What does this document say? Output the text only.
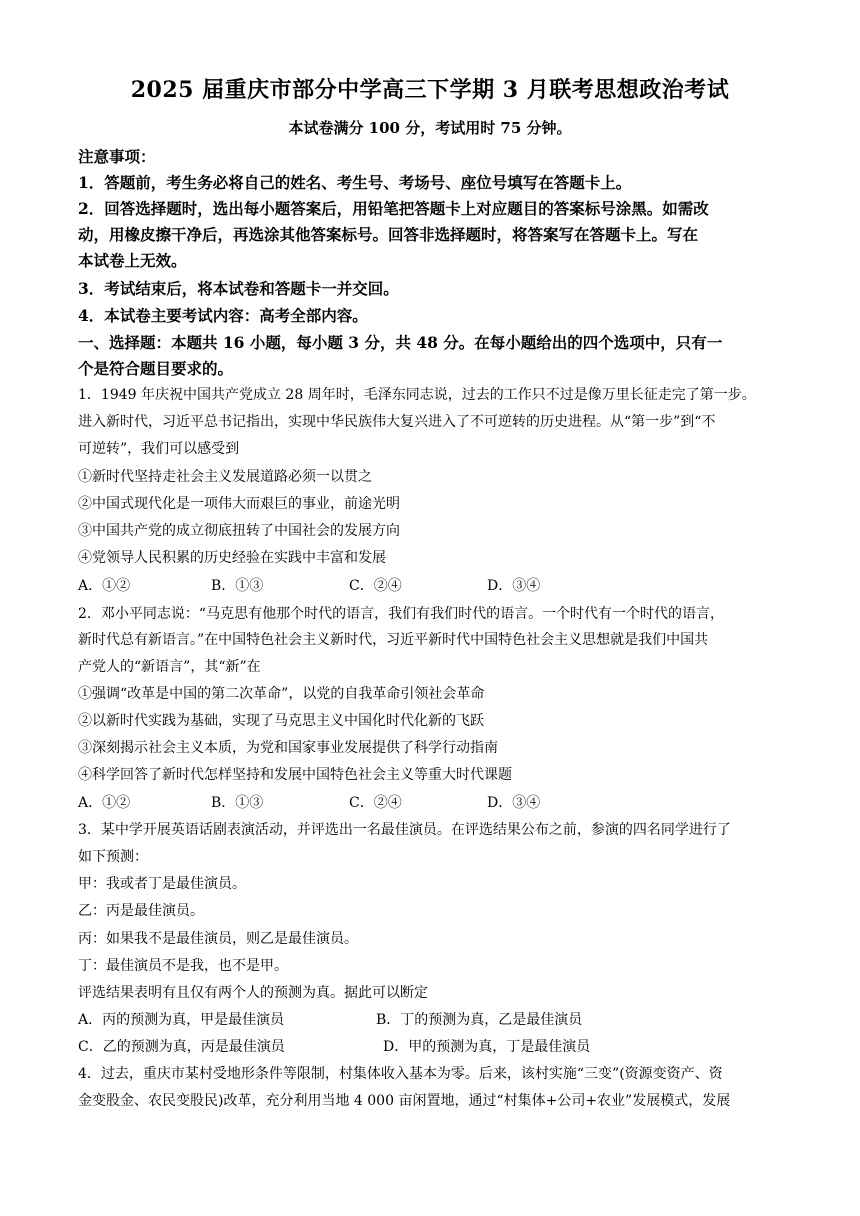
2025 届重庆市部分中学高三下学期 3 月联考思想政治考试
本试卷满分 100 分，考试用时 75 分钟。
注意事项：
1．答题前，考生务必将自己的姓名、考生号、考场号、座位号填写在答题卡上。
2．回答选择题时，选出每小题答案后，用铅笔把答题卡上对应题目的答案标号涂黑。如需改
动，用橡皮擦干净后，再选涂其他答案标号。回答非选择题时，将答案写在答题卡上。写在
本试卷上无效。
3．考试结束后，将本试卷和答题卡一并交回。
4．本试卷主要考试内容：高考全部内容。
一、选择题：本题共 16 小题，每小题 3 分，共 48 分。在每小题给出的四个选项中，只有一
个是符合题目要求的。
1．1949 年庆祝中国共产党成立 28 周年时，毛泽东同志说，过去的工作只不过是像万里长征走完了第一步。
进入新时代，习近平总书记指出，实现中华民族伟大复兴进入了不可逆转的历史进程。从“第一步”到“不
可逆转”，我们可以感受到
①新时代坚持走社会主义发展道路必须一以贯之
②中国式现代化是一项伟大而艰巨的事业，前途光明
③中国共产党的成立彻底扭转了中国社会的发展方向
④党领导人民积累的历史经验在实践中丰富和发展
A．①②	B．①③	C．②④	D．③④
2．邓小平同志说：“马克思有他那个时代的语言，我们有我们时代的语言。一个时代有一个时代的语言，
新时代总有新语言。”在中国特色社会主义新时代，习近平新时代中国特色社会主义思想就是我们中国共
产党人的“新语言”，其“新”在
①强调“改革是中国的第二次革命”，以党的自我革命引领社会革命
②以新时代实践为基础，实现了马克思主义中国化时代化新的飞跃
③深刻揭示社会主义本质，为党和国家事业发展提供了科学行动指南
④科学回答了新时代怎样坚持和发展中国特色社会主义等重大时代课题
A．①②	B．①③	C．②④	D．③④
3．某中学开展英语话剧表演活动，并评选出一名最佳演员。在评选结果公布之前，参演的四名同学进行了
如下预测：
甲：我或者丁是最佳演员。
乙：丙是最佳演员。
丙：如果我不是最佳演员，则乙是最佳演员。
丁：最佳演员不是我，也不是甲。
评选结果表明有且仅有两个人的预测为真。据此可以断定
A．丙的预测为真，甲是最佳演员	B．丁的预测为真，乙是最佳演员
C．乙的预测为真，丙是最佳演员	D．甲的预测为真，丁是最佳演员
4．过去，重庆市某村受地形条件等限制，村集体收入基本为零。后来，该村实施“三变”(资源变资产、资
金变股金、农民变股民)改革，充分利用当地 4 000 亩闲置地，通过“村集体+公司+农业”发展模式，发展
